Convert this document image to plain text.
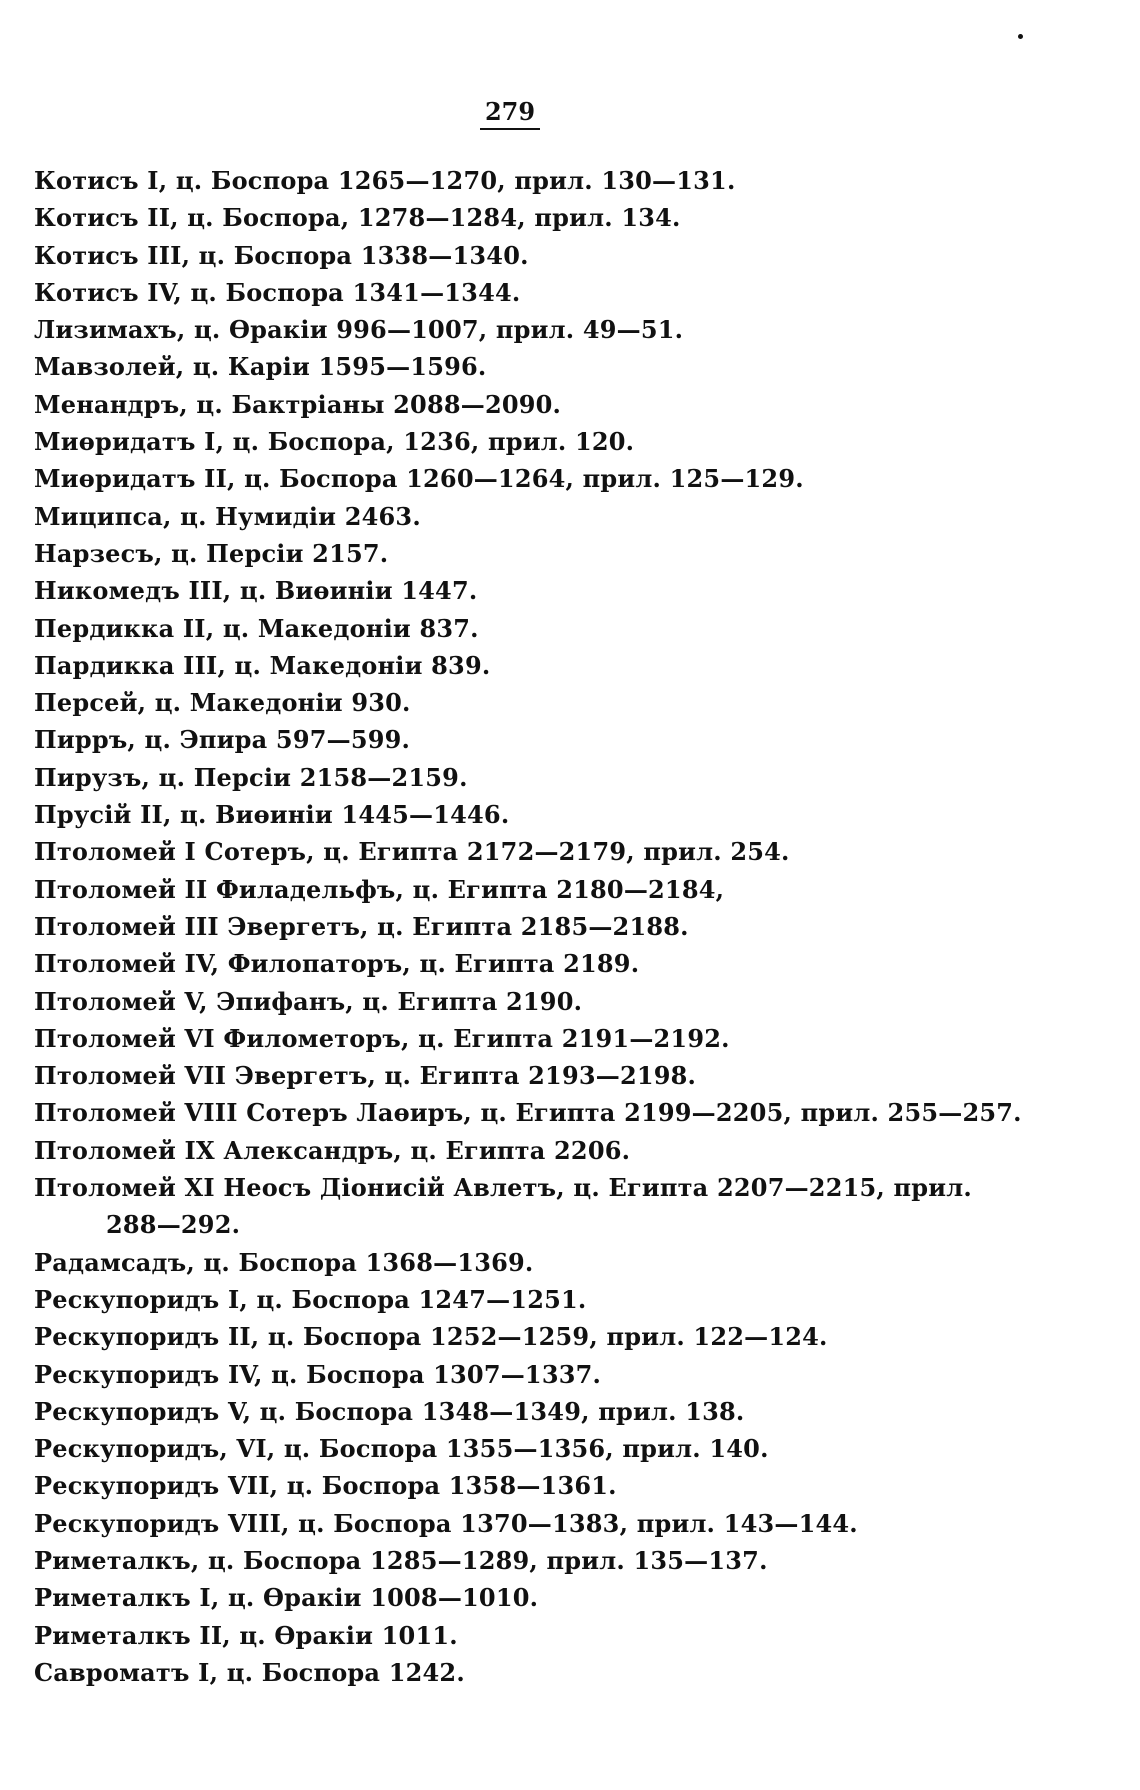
279
Котисъ I, ц. Боспора 1265—1270, прил. 130—131.
Котисъ II, ц. Боспора, 1278—1284, прил. 134.
Котисъ III, ц. Боспора 1338—1340.
Котисъ IV, ц. Боспора 1341—1344.
Лизимахъ, ц. Өракіи 996—1007, прил. 49—51.
Мавзолей, ц. Каріи 1595—1596.
Менандръ, ц. Бактріаны 2088—2090.
Миөридатъ I, ц. Боспора, 1236, прил. 120.
Миөридатъ II, ц. Боспора 1260—1264, прил. 125—129.
Миципса, ц. Нумидіи 2463.
Нарзесъ, ц. Персіи 2157.
Никомедъ III, ц. Виөиніи 1447.
Пердикка II, ц. Македоніи 837.
Пардикка III, ц. Македоніи 839.
Персей, ц. Македоніи 930.
Пирръ, ц. Эпира 597—599.
Пирузъ, ц. Персіи 2158—2159.
Прусій II, ц. Виөиніи 1445—1446.
Птоломей I Сотеръ, ц. Египта 2172—2179, прил. 254.
Птоломей II Филадельфъ, ц. Египта 2180—2184,
Птоломей III Эвергетъ, ц. Египта 2185—2188.
Птоломей IV, Филопаторъ, ц. Египта 2189.
Птоломей V, Эпифанъ, ц. Египта 2190.
Птоломей VI Филометоръ, ц. Египта 2191—2192.
Птоломей VII Эвергетъ, ц. Египта 2193—2198.
Птоломей VIII Сотеръ Лаөиръ, ц. Египта 2199—2205, прил. 255—257.
Птоломей IX Александръ, ц. Египта 2206.
Птоломей XI Неосъ Діонисій Авлетъ, ц. Египта 2207—2215, прил.
288—292.
Радамсадъ, ц. Боспора 1368—1369.
Рескупоридъ I, ц. Боспора 1247—1251.
Рескупоридъ II, ц. Боспора 1252—1259, прил. 122—124.
Рескупоридъ IV, ц. Боспора 1307—1337.
Рескупоридъ V, ц. Боспора 1348—1349, прил. 138.
Рескупоридъ, VI, ц. Боспора 1355—1356, прил. 140.
Рескупоридъ VII, ц. Боспора 1358—1361.
Рескупоридъ VIII, ц. Боспора 1370—1383, прил. 143—144.
Риметалкъ, ц. Боспора 1285—1289, прил. 135—137.
Риметалкъ I, ц. Өракіи 1008—1010.
Риметалкъ II, ц. Өракіи 1011.
Савроматъ I, ц. Боспора 1242.
